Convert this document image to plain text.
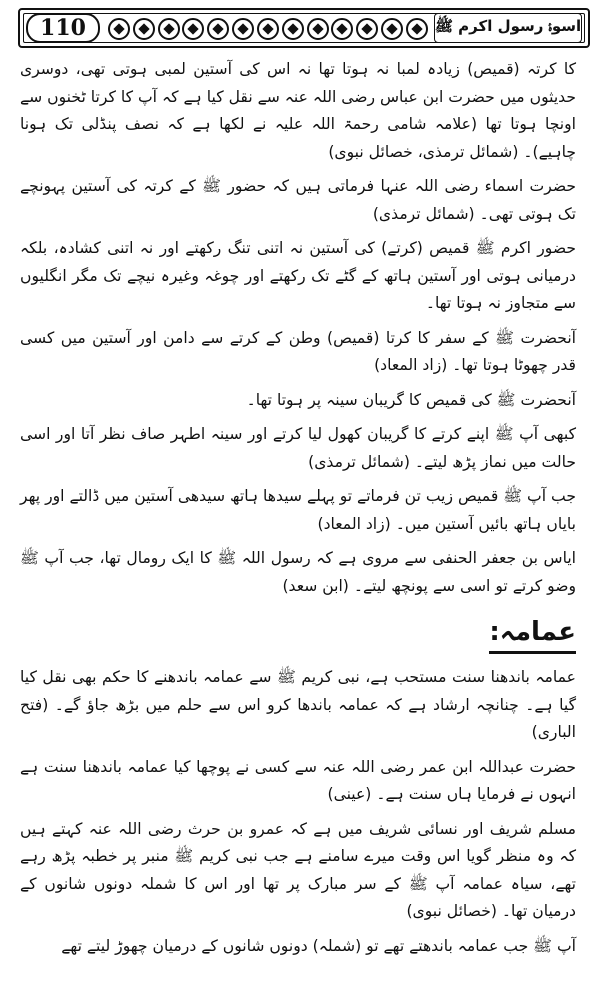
110	اسوۂ رسول اکرم ﷺ

کا کرتہ (قمیص) زیادہ لمبا نہ ہوتا تھا نہ اس کی آستین لمبی ہوتی تھی، دوسری حدیثوں میں حضرت ابن عباس رضی اللہ عنہ سے نقل کیا ہے کہ آپ کا کرتا ٹخنوں سے اونچا ہوتا تھا (علامہ شامی رحمۃ اللہ علیہ نے لکھا ہے کہ نصف پنڈلی تک ہونا چاہیے)۔ (شمائل ترمذی، خصائل نبوی)

حضرت اسماء رضی اللہ عنہا فرماتی ہیں کہ حضور ﷺ کے کرتہ کی آستین پہونچے تک ہوتی تھی۔ (شمائل ترمذی)

حضور اکرم ﷺ قمیص (کرتے) کی آستین نہ اتنی تنگ رکھتے اور نہ اتنی کشادہ، بلکہ درمیانی ہوتی اور آستین ہاتھ کے گٹے تک رکھتے اور چوغہ وغیرہ نیچے تک مگر انگلیوں سے متجاوز نہ ہوتا تھا۔

آنحضرت ﷺ کے سفر کا کرتا (قمیص) وطن کے کرتے سے دامن اور آستین میں کسی قدر چھوٹا ہوتا تھا۔ (زاد المعاد)

آنحضرت ﷺ کی قمیص کا گریبان سینہ پر ہوتا تھا۔

کبھی آپ ﷺ اپنے کرتے کا گریبان کھول لیا کرتے اور سینہ اطہر صاف نظر آتا اور اسی حالت میں نماز پڑھ لیتے۔ (شمائل ترمذی)

جب آپ ﷺ قمیص زیب تن فرماتے تو پہلے سیدھا ہاتھ سیدھی آستین میں ڈالتے اور پھر بایاں ہاتھ بائیں آستین میں۔ (زاد المعاد)

ایاس بن جعفر الحنفی سے مروی ہے کہ رسول اللہ ﷺ کا ایک رومال تھا، جب آپ ﷺ وضو کرتے تو اسی سے پونچھ لیتے۔ (ابن سعد)

عمامہ:

عمامہ باندھنا سنت مستحب ہے، نبی کریم ﷺ سے عمامہ باندھنے کا حکم بھی نقل کیا گیا ہے۔ چنانچہ ارشاد ہے کہ عمامہ باندھا کرو اس سے حلم میں بڑھ جاؤ گے۔ (فتح الباری)

حضرت عبداللہ ابن عمر رضی اللہ عنہ سے کسی نے پوچھا کیا عمامہ باندھنا سنت ہے انہوں نے فرمایا ہاں سنت ہے۔ (عینی)

مسلم شریف اور نسائی شریف میں ہے کہ عمرو بن حرث رضی اللہ عنہ کہتے ہیں کہ وہ منظر گویا اس وقت میرے سامنے ہے جب نبی کریم ﷺ منبر پر خطبہ پڑھ رہے تھے، سیاہ عمامہ آپ ﷺ کے سر مبارک پر تھا اور اس کا شملہ دونوں شانوں کے درمیان تھا۔ (خصائل نبوی)

آپ ﷺ جب عمامہ باندھتے تھے تو (شملہ) دونوں شانوں کے درمیان چھوڑ لیتے تھے
